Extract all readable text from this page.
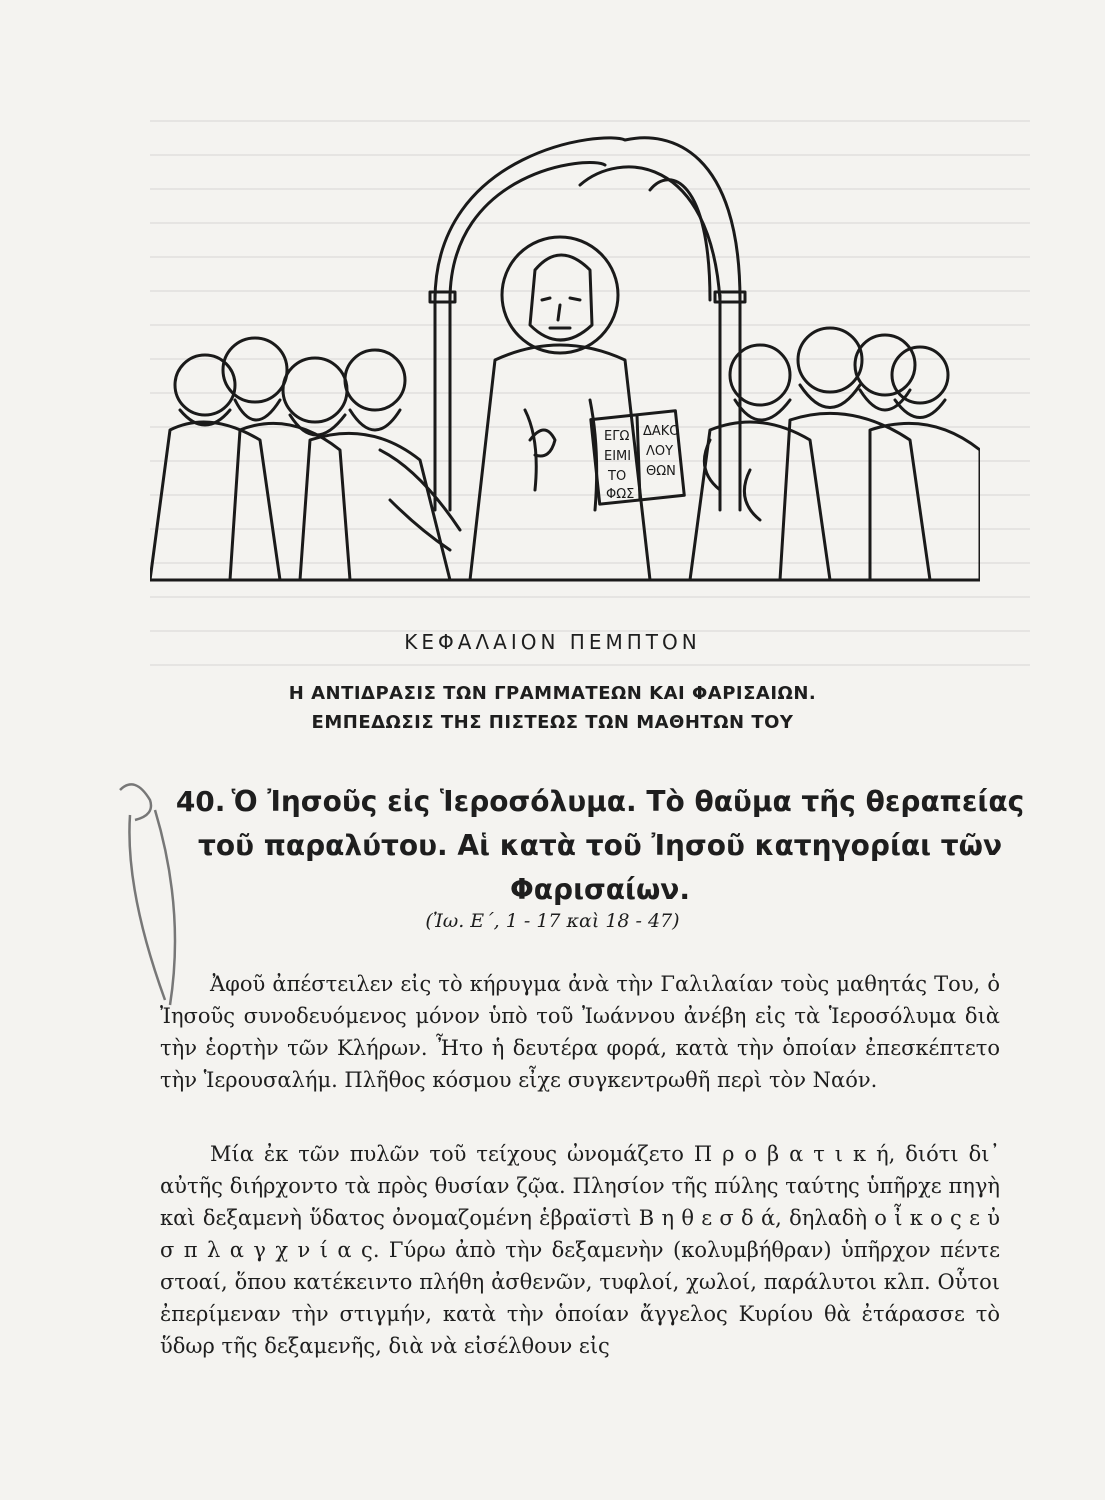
ΕΓΩ
ΕΙΜΙ
ΤΟ
ΦΩΣ
ΔΑΚΟ
ΛΟΥ
ΘΩΝ
ΚΕΦΑΛΑΙΟΝ ΠΕΜΠΤΟΝ
Η ΑΝΤΙΔΡΑΣΙΣ ΤΩΝ ΓΡΑΜΜΑΤΕΩΝ ΚΑΙ ΦΑΡΙΣΑΙΩΝ.
ΕΜΠΕΔΩΣΙΣ ΤΗΣ ΠΙΣΤΕΩΣ ΤΩΝ ΜΑΘΗΤΩΝ ΤΟΥ
40. Ὁ Ἰησοῦς εἰς Ἱεροσόλυμα. Τὸ θαῦμα τῆς θεραπείας τοῦ παραλύτου. Αἱ κατὰ τοῦ Ἰησοῦ κατηγορίαι τῶν Φαρισαίων.
(Ἰω. Ε΄, 1 - 17 καὶ 18 - 47)

Ἀφοῦ ἀπέστειλεν εἰς τὸ κήρυγμα ἀνὰ τὴν Γαλιλαίαν τοὺς μαθητάς Του, ὁ Ἰησοῦς συνοδευόμενος μόνον ὑπὸ τοῦ Ἰωάννου ἀνέβη εἰς τὰ Ἱεροσόλυμα διὰ τὴν ἑορτὴν τῶν Κλήρων. Ἦτο ἡ δευτέρα φορά, κατὰ τὴν ὁποίαν ἐπεσκέπτετο τὴν Ἱερουσαλήμ. Πλῆθος κόσμου εἶχε συγκεντρωθῆ περὶ τὸν Ναόν.

Μία ἐκ τῶν πυλῶν τοῦ τείχους ὠνομάζετο Π ρ ο β α τ ι κ ή, διότι δι᾿ αὐτῆς διήρχοντο τὰ πρὸς θυσίαν ζῷα. Πλησίον τῆς πύλης ταύτης ὑπῆρχε πηγὴ καὶ δεξαμενὴ ὕδατος ὀνομαζομένη ἑβραϊστὶ Β η θ ε σ δ ά, δηλαδὴ ο ἶ κ ο ς ε ὐ σ π λ α γ χ ν ί α ς. Γύρω ἀπὸ τὴν δεξαμενὴν (κολυμβήθραν) ὑπῆρχον πέντε στοαί, ὅπου κατέκειντο πλήθη ἀσθενῶν, τυφλοί, χωλοί, παράλυτοι κλπ. Οὗτοι ἐπερίμεναν τὴν στιγμήν, κατὰ τὴν ὁποίαν ἄγγελος Κυρίου θὰ ἐτάρασσε τὸ ὕδωρ τῆς δεξαμενῆς, διὰ νὰ εἰσέλθουν εἰς
